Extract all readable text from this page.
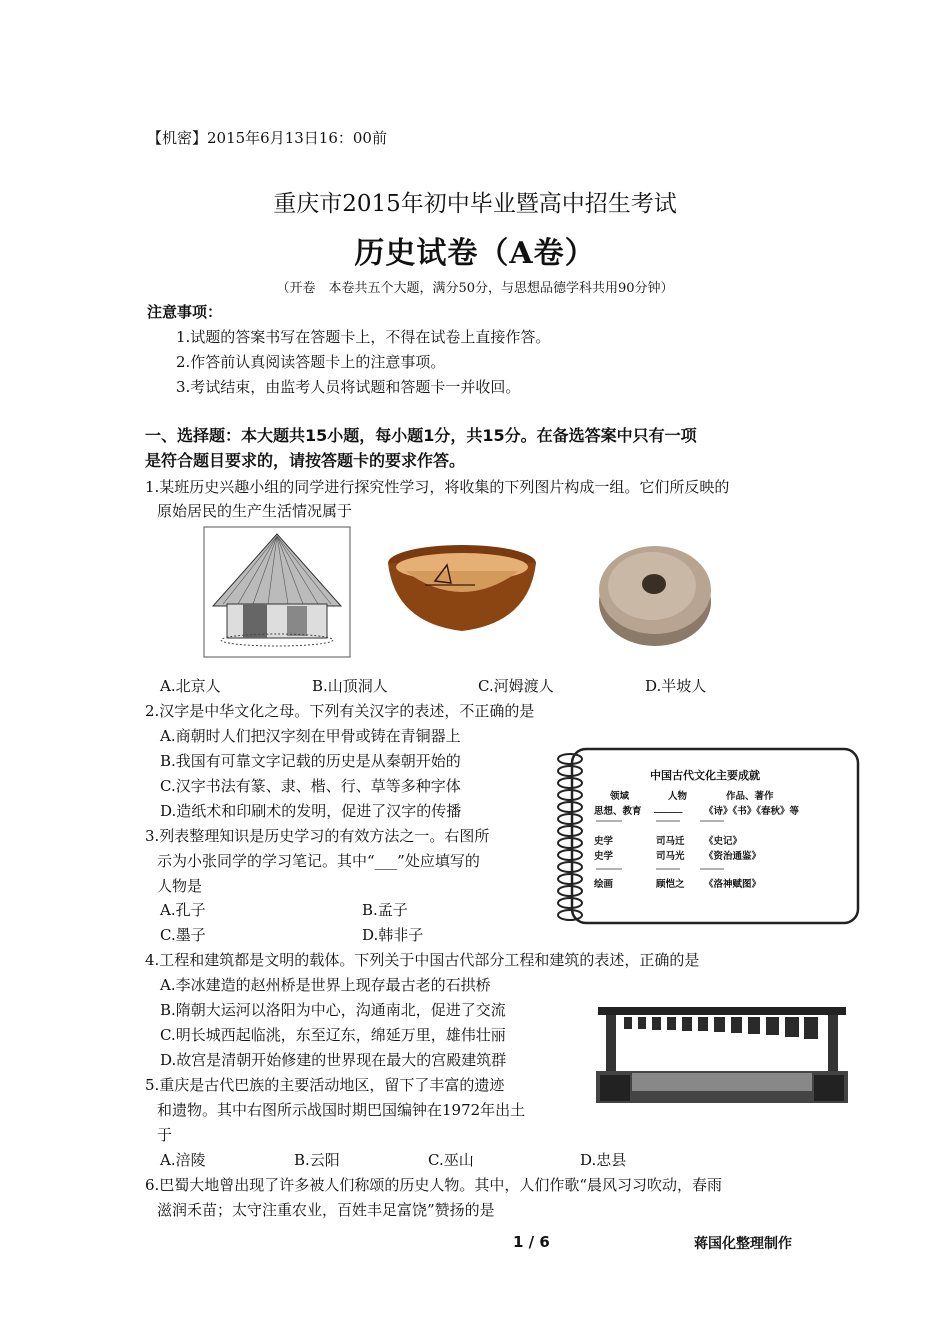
【机密】2015年6月13日16：00前
重庆市2015年初中毕业暨高中招生考试
历史试卷（A卷）
（开卷　本卷共五个大题，满分50分，与思想品德学科共用90分钟）
注意事项：
1.试题的答案书写在答题卡上，不得在试卷上直接作答。
2.作答前认真阅读答题卡上的注意事项。
3.考试结束，由监考人员将试题和答题卡一并收回。
一、选择题：本大题共15小题，每小题1分，共15分。在备选答案中只有一项
是符合题目要求的，请按答题卡的要求作答。
1.某班历史兴趣小组的同学进行探究性学习，将收集的下列图片构成一组。它们所反映的
原始居民的生产生活情况属于
A.北京人	B.山顶洞人	C.河姆渡人	D.半坡人
2.汉字是中华文化之母。下列有关汉字的表述，不正确的是
A.商朝时人们把汉字刻在甲骨或铸在青铜器上
B.我国有可靠文字记载的历史是从秦朝开始的
C.汉字书法有篆、隶、楷、行、草等多种字体
D.造纸术和印刷术的发明，促进了汉字的传播
中国古代文化主要成就
领域	人物	作品、著作
思想、教育 ______ 《诗》《书》《春秋》等
史学	司马迁 《史记》
史学	司马光 《资治通鉴》
绘画	顾恺之 《洛神赋图》
3.列表整理知识是历史学习的有效方法之一。右图所
示为小张同学的学习笔记。其中“___”处应填写的
人物是
A.孔子	B.孟子
C.墨子	D.韩非子
4.工程和建筑都是文明的载体。下列关于中国古代部分工程和建筑的表述，正确的是
A.李冰建造的赵州桥是世界上现存最古老的石拱桥
B.隋朝大运河以洛阳为中心，沟通南北，促进了交流
C.明长城西起临洮，东至辽东，绵延万里，雄伟壮丽
D.故宫是清朝开始修建的世界现在最大的宫殿建筑群
5.重庆是古代巴族的主要活动地区，留下了丰富的遗迹
和遗物。其中右图所示战国时期巴国编钟在1972年出土
于
A.涪陵	B.云阳	C.巫山	D.忠县
6.巴蜀大地曾出现了许多被人们称颂的历史人物。其中，人们作歌“晨风习习吹动，春雨
滋润禾苗；太守注重农业，百姓丰足富饶”赞扬的是
1 / 6	蒋国化整理制作
